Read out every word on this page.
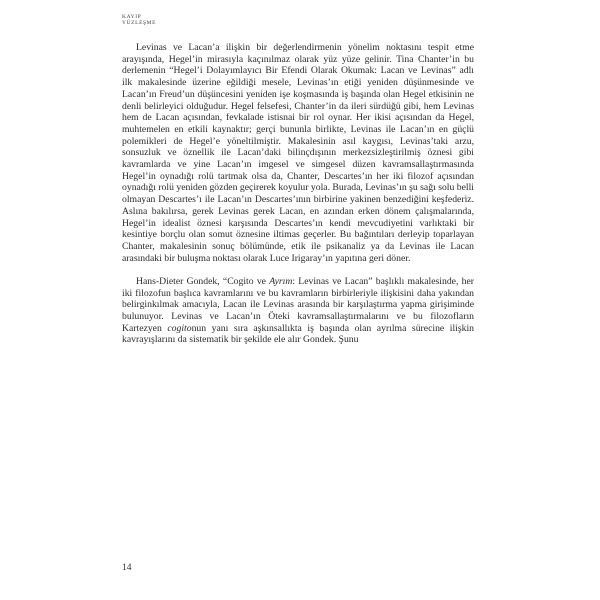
KAYIP
YÜZLEŞME

Levinas ve Lacan’a ilişkin bir değerlendirmenin yönelim noktasını tespit etme arayışında, Hegel’in mirasıyla kaçınılmaz olarak yüz yüze gelinir. Tina Chanter’in bu derlemenin “Hegel’i Dolayımlayıcı Bir Efendi Olarak Okumak: Lacan ve Levinas” adlı ilk makalesinde üzerine eğildiği mesele, Levinas’ın etiği yeniden düşünmesinde ve Lacan’ın Freud’un düşüncesini yeniden işe koşmasında iş başında olan Hegel etkisinin ne denli belirleyici olduğudur. Hegel felsefesi, Chanter’in da ileri sürdüğü gibi, hem Levinas hem de Lacan açısından, fevkalade istisnai bir rol oynar. Her ikisi açısından da Hegel, muhtemelen en etkili kaynaktır; gerçi bununla birlikte, Levinas ile Lacan’ın en güçlü polemikleri de Hegel’e yöneltilmiştir. Makalesinin asıl kaygısı, Levinas’taki arzu, sonsuzluk ve öznellik ile Lacan’daki bilinçdışının merkezsizleştirilmiş öznesi gibi kavramlarda ve yine Lacan’ın imgesel ve simgesel düzen kavramsallaştırmasında Hegel’in oynadığı rolü tartmak olsa da, Chanter, Descartes’ın her iki filozof açısından oynadığı rolü yeniden gözden geçirerek koyulur yola. Burada, Levinas’ın şu sağı solu belli olmayan Descartes’ı ile Lacan’ın Descartes’ının birbirine yakinen benzediğini keşfederiz. Aslına bakılırsa, gerek Levinas gerek Lacan, en azından erken dönem çalışmalarında, Hegel’in idealist öznesi karşısında Descartes’ın kendi mevcudiyetini varlıktaki bir kesintiye borçlu olan somut öznesine iltimas geçerler. Bu bağıntıları derleyip toparlayan Chanter, makalesinin sonuç bölümünde, etik ile psikanaliz ya da Levinas ile Lacan arasındaki bir buluşma noktası olarak Luce Irigaray’ın yapıtına geri döner.

Hans-Dieter Gondek, “Cogito ve Ayrım: Levinas ve Lacan” başlıklı makalesinde, her iki filozofun başlıca kavramlarını ve bu kavramların birbirleriyle ilişkisini daha yakından belirginkılmak amacıyla, Lacan ile Levinas arasında bir karşılaştırma yapma girişiminde bulunuyor. Levinas ve Lacan’ın Öteki kavramsallaştırmalarını ve bu filozofların Kartezyen cogitonun yanı sıra aşkınsallıkta iş başında olan ayrılma sürecine ilişkin kavrayışlarını da sistematik bir şekilde ele alır Gondek. Şunu

14
